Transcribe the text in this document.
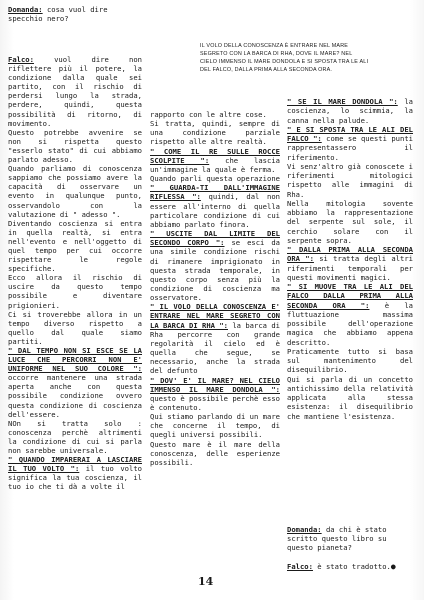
Domanda: cosa vuol dire specchio nero?
IL VOLO DELLA CONOSCENZA È ENTRARE NEL MARE SEGRETO CON LA BARCA DI RHA, DOVE IL MARE? NEL CIELO IMMENSO IL MARE DONDOLA E SI SPOSTA TRA LE ALI DEL FALCO, DALLA PRIMA ALLA SECONDA ORA.

Falco: vuol dire non riflettere più il potere, la condizione dalla quale sei partito, con il rischio di perdersi lungo la strada, perdere, quindi, questa possibilità di ritorno, di movimento.

Questo potrebbe avvenire se non si rispetta questo "esserlo stato" di cui abbiamo parlato adesso.

Quando parliamo di conoscenza sappiamo che possiamo avere la capacità di osservare un evento in qualunque punto, osservandolo con la valutazione di " adesso ".

Diventando coscienza si entra in quella realtà, si entra nell'evento e nell'oggetto di quel tempo per cui occorre rispettare le regole specifiche.

Ecco allora il rischio di uscire da questo tempo possibile e diventare prigionieri.

Ci si troverebbe allora in un tempo diverso rispetto a quello dal quale siamo partiti.

" DAL TEMPO NON SI ESCE SE LA LUCE CHE PERCORRI NON E' UNIFORME NEL SUO COLORE ": occorre mantenere una strada aperta anche con questa possibile condizione ovvero questa condizione di coscienza dell'essere.

NOn si tratta solo : conoscenza perchè altrimenti la condizione di cui si parla non sarebbe universale.

" QUANDO IMPARERAI A LASCIARE IL TUO VOLTO ": il tuo volto significa la tua coscienza, il tuo io che ti dà a volte il

rapporto con le altre cose.

Si tratta, quindi, sempre di una condizione parziale rispetto alle altre realtà.

" COME IL RE SULLE ROCCE SCOLPITE ": che lascia un'immagine la quale è ferma.

Quando parli questa operazione " GUARDA-TI DALL'IMMAGINE RIFLESSA ": quindi, dal non essere all'interno di quella particolare condizione di cui abbiamo parlato finora.

" USCITE DAL LIMITE DEL SECONDO CORPO ": se esci da una simile condizione rischi di rimanere imprigionato in questa strada temporale, in questo corpo senza più la condizione di coscienza ma osservatore.

" IL VOLO DELLA CONOSCENZA E' ENTRARE NEL MARE SEGRETO CON LA BARCA DI RHA ": la barca di Rha percorre con grande regolarità il cielo ed è quella che segue, se necessario, anche la strada del defunto

" DOV' E' IL MARE? NEL CIELO IMMENSO IL MARE DONDOLA ": questo è possibile perchè esso è contenuto.

Qui stiamo parlando di un mare che concerne il tempo, di quegli universi possibili.

Questo mare è il mare della conoscenza, delle esperienze possibili.

" SE IL MARE DONDOLA ": la coscienza, lo scimmia, la canna nella palude.

" E SI SPOSTA TRA LE ALI DEL FALCO ": come se questi punti rappresentassero il riferimento.

Vi senz'altro già conoscete i riferimenti mitologici rispetto alle immagini di Rha.

Nella mitologia sovente abbiamo la rappresentazione del serpente sul sole, il cerchio solare con il serpente sopra.

" DALLA PRIMA ALLA SECONDA ORA ": si tratta degli altri riferimenti temporali per questi movimenti magici.

" SI MUOVE TRA LE ALI DEL FALCO DALLA PRIMA ALLA SECONDA ORA ": è la fluttuazione massima possibile dell'operazione magica che abbiamo appena descritto.

Praticamente tutto si basa sul mantenimento del disequilibrio.

Qui si parla di un concetto antichissimo della relatività applicata alla stessa esistenza: il disequilibrio che mantiene l'esistenza.

Domanda: da chi è stato scritto questo libro su questo pianeta?
Falco: è stato tradotto.●
14
